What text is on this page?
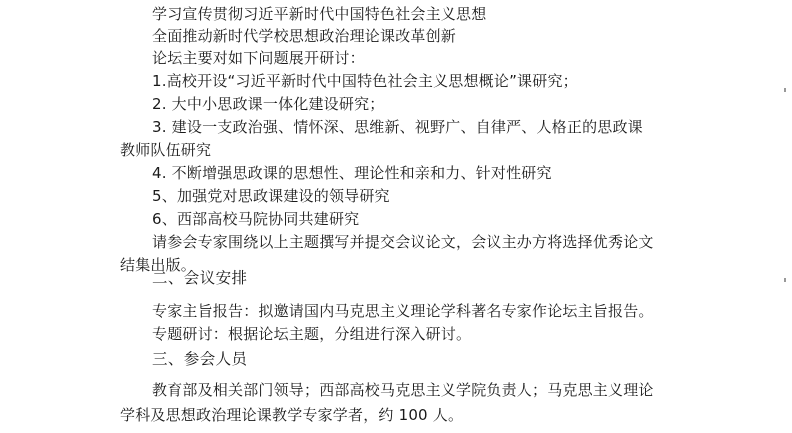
学习宣传贯彻习近平新时代中国特色社会主义思想
全面推动新时代学校思想政治理论课改革创新
论坛主要对如下问题展开研讨：
1.高校开设“习近平新时代中国特色社会主义思想概论”课研究；
2. 大中小思政课一体化建设研究；
3. 建设一支政治强、情怀深、思维新、视野广、自律严、人格正的思政课
教师队伍研究
4. 不断增强思政课的思想性、理论性和亲和力、针对性研究
5、加强党对思政课建设的领导研究
6、西部高校马院协同共建研究
请参会专家围绕以上主题撰写并提交会议论文，会议主办方将选择优秀论文
结集出版。
二、会议安排
专家主旨报告：拟邀请国内马克思主义理论学科著名专家作论坛主旨报告。
专题研讨：根据论坛主题，分组进行深入研讨。
三、参会人员
教育部及相关部门领导；西部高校马克思主义学院负责人；马克思主义理论
学科及思想政治理论课教学专家学者，约 100 人。
